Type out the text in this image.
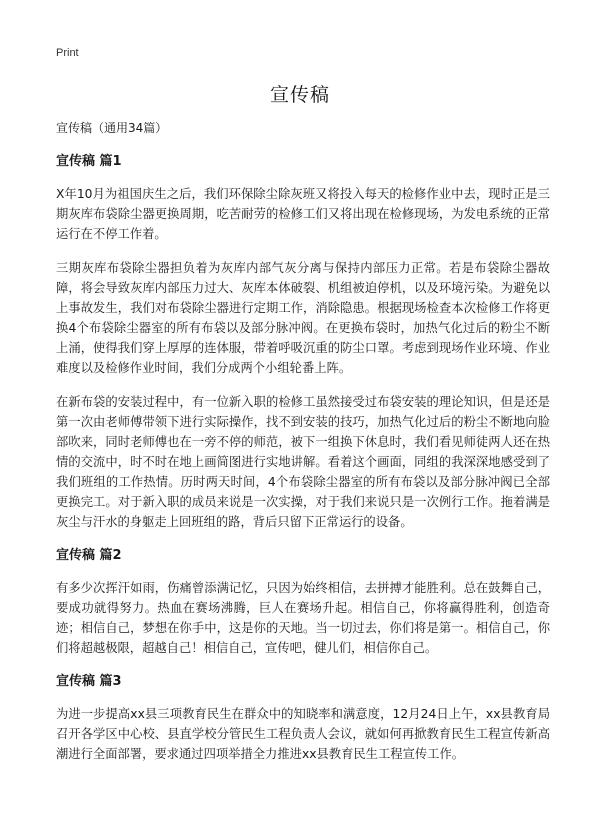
Print
宣传稿

宣传稿（通用34篇）

宣传稿 篇1

X年10月为祖国庆生之后，我们环保除尘除灰班又将投入每天的检修作业中去，现时正是三期灰库布袋除尘器更换周期，吃苦耐劳的检修工们又将出现在检修现场，为发电系统的正常运行在不停工作着。

三期灰库布袋除尘器担负着为灰库内部气灰分离与保持内部压力正常。若是布袋除尘器故障，将会导致灰库内部压力过大、灰库本体破裂、机组被迫停机，以及环境污染。为避免以上事故发生，我们对布袋除尘器进行定期工作，消除隐患。根据现场检查本次检修工作将更换4个布袋除尘器室的所有布袋以及部分脉冲阀。在更换布袋时，加热气化过后的粉尘不断上涌，使得我们穿上厚厚的连体服，带着呼吸沉重的防尘口罩。考虑到现场作业环境、作业难度以及检修作业时间，我们分成两个小组轮番上阵。

在新布袋的安装过程中，有一位新入职的检修工虽然接受过布袋安装的理论知识，但是还是第一次由老师傅带领下进行实际操作，找不到安装的技巧，加热气化过后的粉尘不断地向脸部吹来，同时老师傅也在一旁不停的师范，被下一组换下休息时，我们看见师徒两人还在热情的交流中，时不时在地上画简图进行实地讲解。看着这个画面，同组的我深深地感受到了我们班组的工作热情。历时两天时间，4个布袋除尘器室的所有布袋以及部分脉冲阀已全部更换完工。对于新入职的成员来说是一次实操，对于我们来说只是一次例行工作。拖着满是灰尘与汗水的身躯走上回班组的路，背后只留下正常运行的设备。

宣传稿 篇2

有多少次挥汗如雨，伤痛曾添满记忆，只因为始终相信，去拼搏才能胜利。总在鼓舞自己，要成功就得努力。热血在赛场沸腾，巨人在赛场升起。相信自己，你将赢得胜利，创造奇迹；相信自己，梦想在你手中，这是你的天地。当一切过去，你们将是第一。相信自己，你们将超越极限，超越自己！相信自己，宣传吧，健儿们，相信你自己。

宣传稿 篇3

为进一步提高xx县三项教育民生在群众中的知晓率和满意度，12月24日上午，xx县教育局召开各学区中心校、县直学校分管民生工程负责人会议，就如何再掀教育民生工程宣传新高潮进行全面部署，要求通过四项举措全力推进xx县教育民生工程宣传工作。
